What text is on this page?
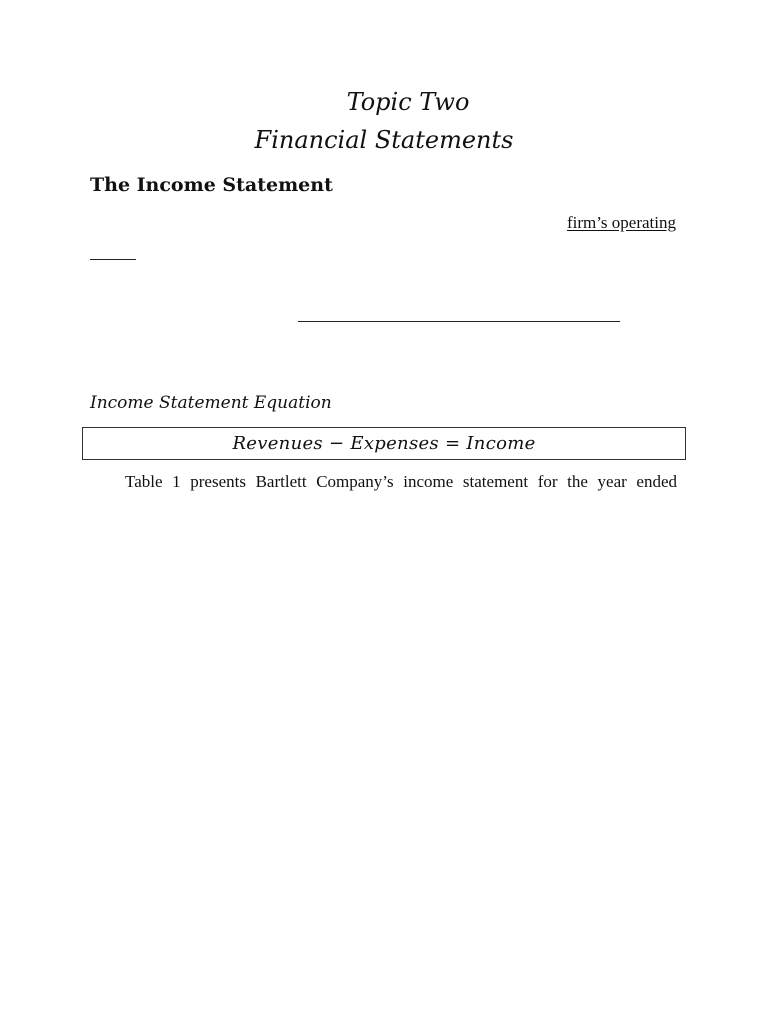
Topic Two
Financial Statements
The Income Statement
firm’s operating
Income Statement Equation
Revenues − Expenses = Income
Table 1 presents Bartlett Company’s income statement for the year ended
